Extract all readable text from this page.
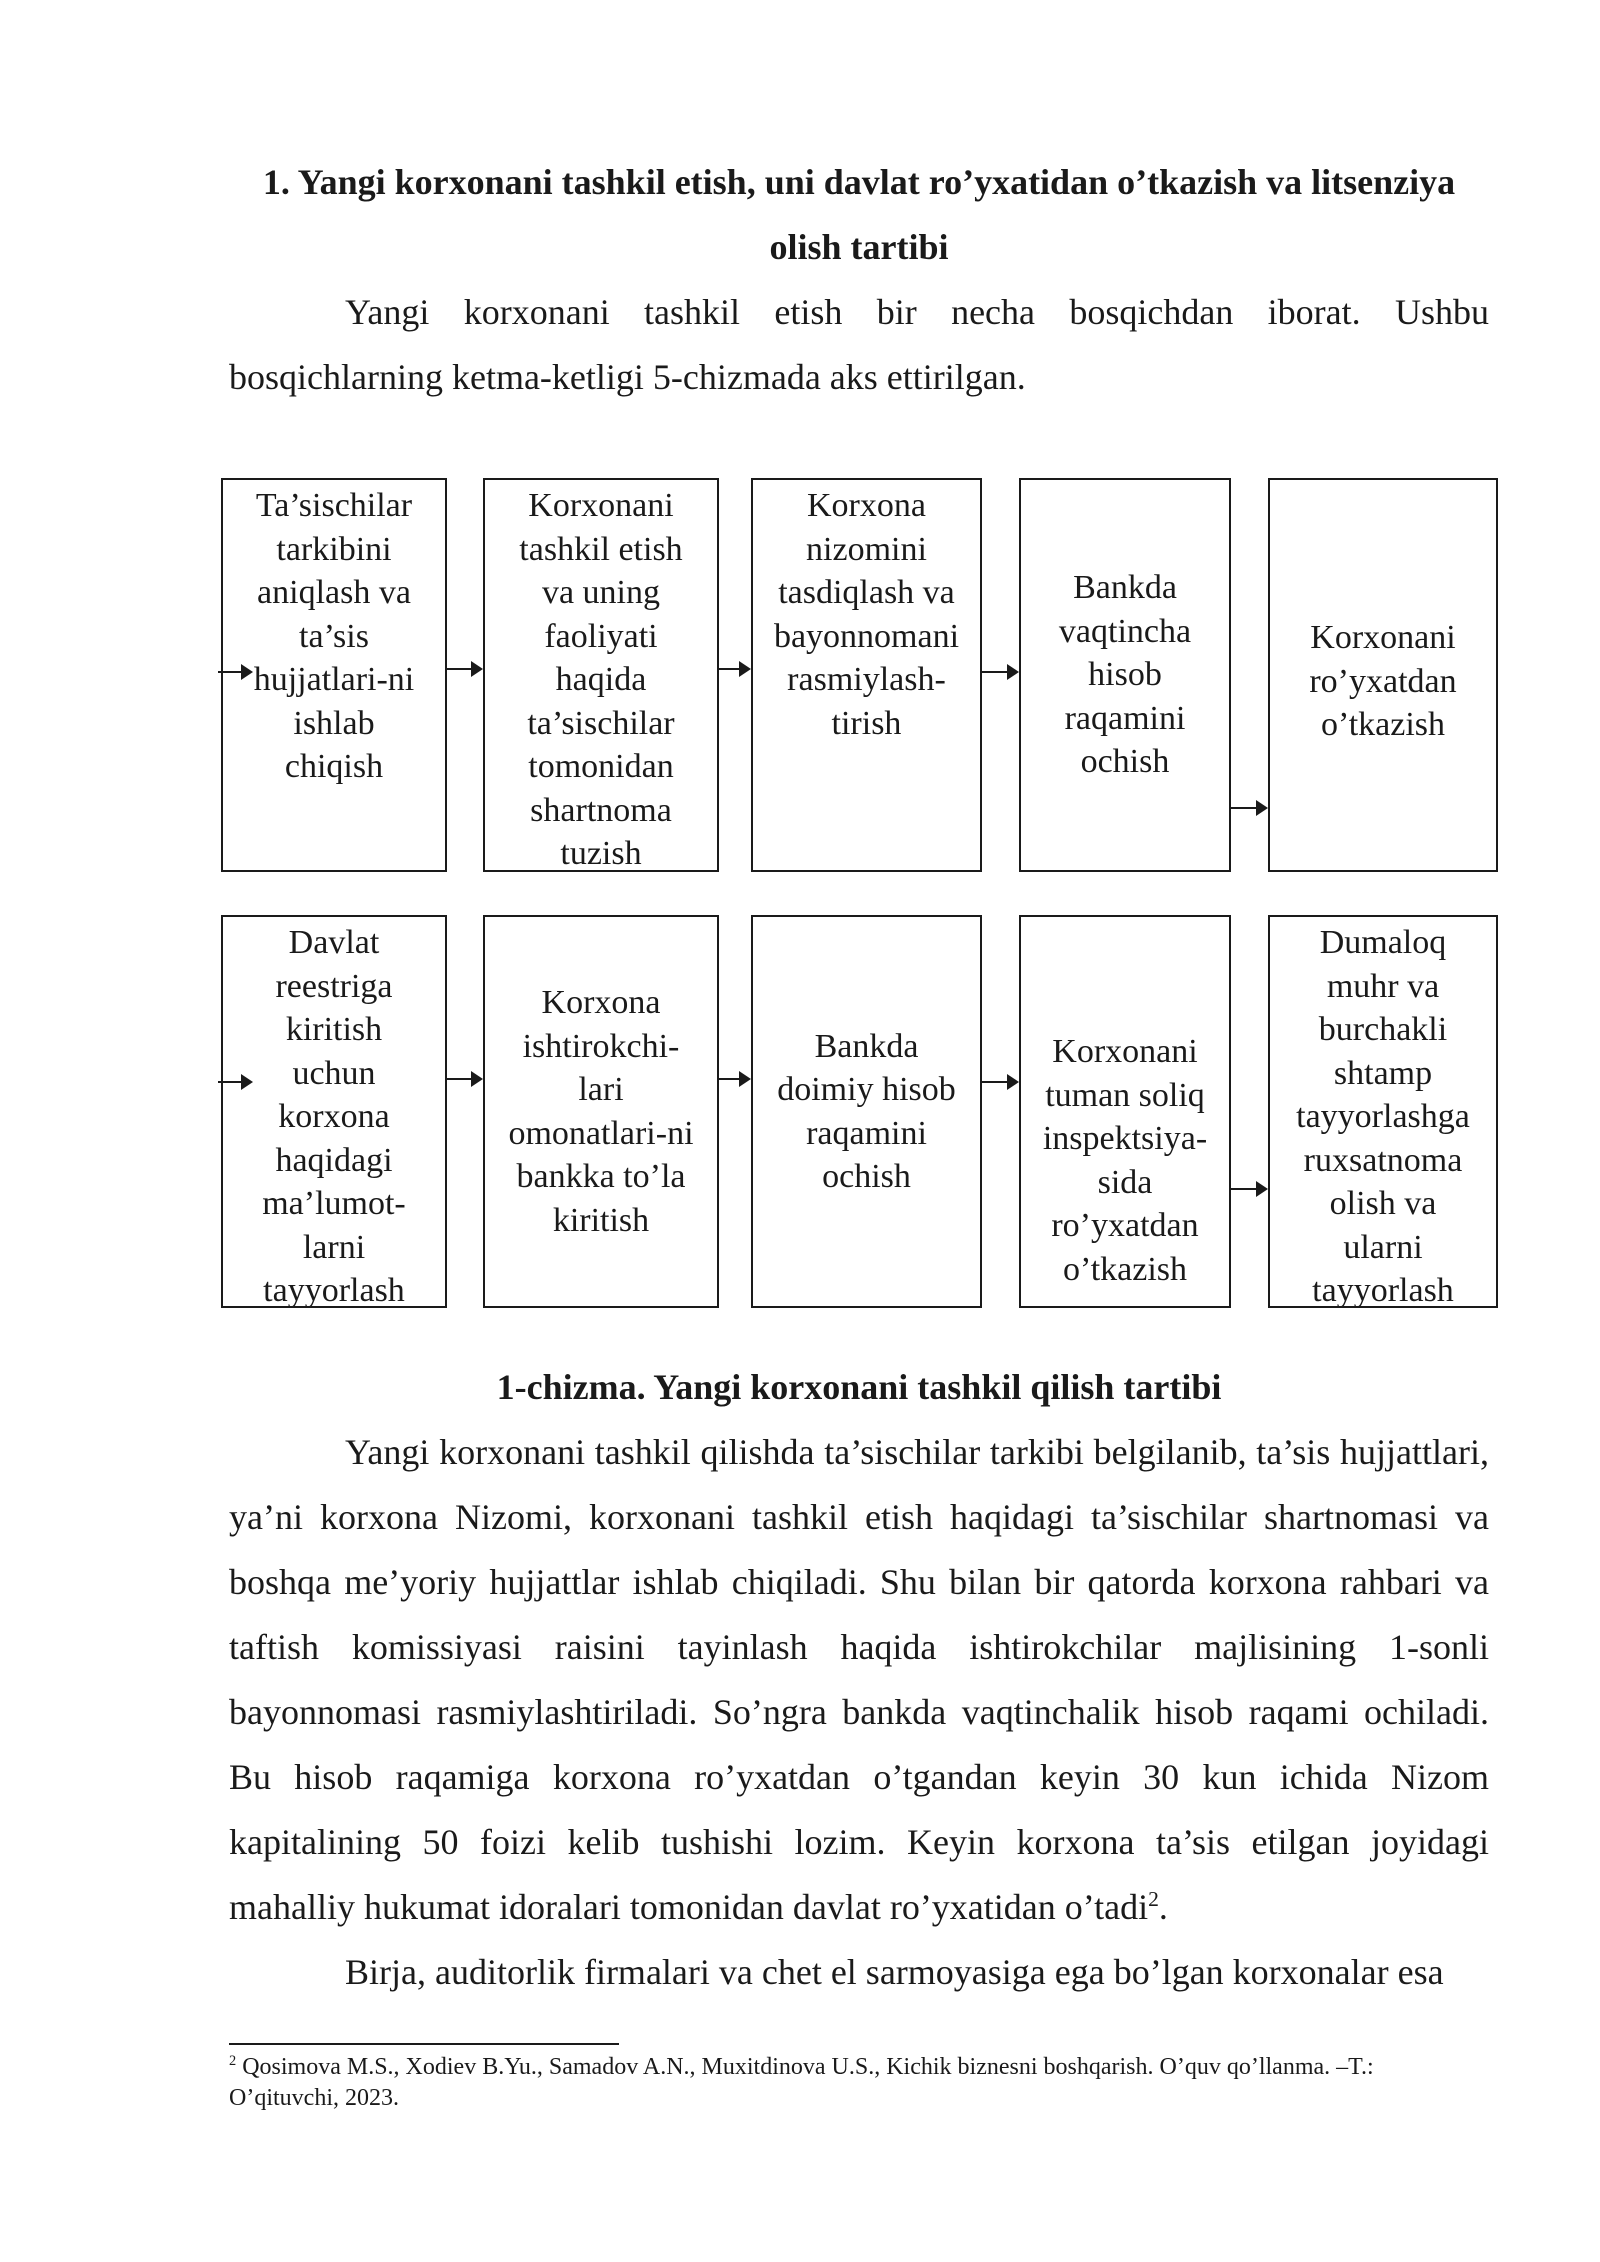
1. Yangi korxonani tashkil etish, uni davlat ro’yxatidan o’tkazish va litsenziya olish tartibi

Yangi korxonani tashkil etish bir necha bosqichdan iborat. Ushbu bosqichlarning ketma-ketligi 5-chizmada aks ettirilgan.

Ta’sischilar
tarkibini
aniqlash va
ta’sis
hujjatlari-ni
ishlab
chiqish
Korxonani
tashkil etish
va uning
faoliyati
haqida
ta’sischilar
tomonidan
shartnoma
tuzish
Korxona
nizomini
tasdiqlash va
bayonnomani
rasmiylash-
tirish
Bankda
vaqtincha
hisob
raqamini
ochish
Korxonani
ro’yxatdan
o’tkazish
Davlat
reestriga
kiritish
uchun
korxona
haqidagi
ma’lumot-
larni
tayyorlash
Korxona
ishtirokchi-
lari
omonatlari-ni
bankka to’la
kiritish
Bankda
doimiy hisob
raqamini
ochish
Korxonani
tuman soliq
inspektsiya-
sida
ro’yxatdan
o’tkazish
Dumaloq
muhr va
burchakli
shtamp
tayyorlashga
ruxsatnoma
olish va
ularni
tayyorlash

1-chizma. Yangi korxonani tashkil qilish tartibi

Yangi korxonani tashkil qilishda ta’sischilar tarkibi belgilanib, ta’sis hujjattlari, ya’ni korxona Nizomi, korxonani tashkil etish haqidagi ta’sischilar shartnomasi va boshqa me’yoriy hujjattlar ishlab chiqiladi. Shu bilan bir qatorda korxona rahbari va taftish komissiyasi raisini tayinlash haqida ishtirokchilar majlisining 1-sonli bayonnomasi rasmiylashtiriladi. So’ngra bankda vaqtinchalik hisob raqami ochiladi. Bu hisob raqamiga korxona ro’yxatdan o’tgandan keyin 30 kun ichida Nizom kapitalining 50 foizi kelib tushishi lozim. Keyin korxona ta’sis etilgan joyidagi mahalliy hukumat idoralari tomonidan davlat ro’yxatidan o’tadi$^2$.

Birja, auditorlik firmalari va chet el sarmoyasiga ega bo’lgan korxonalar esa

$^2$ Qosimova M.S., Xodiev B.Yu., Samadov A.N., Muxitdinova U.S., Kichik biznesni boshqarish. O’quv qo’llanma. –T.: O’qituvchi, 2023.
